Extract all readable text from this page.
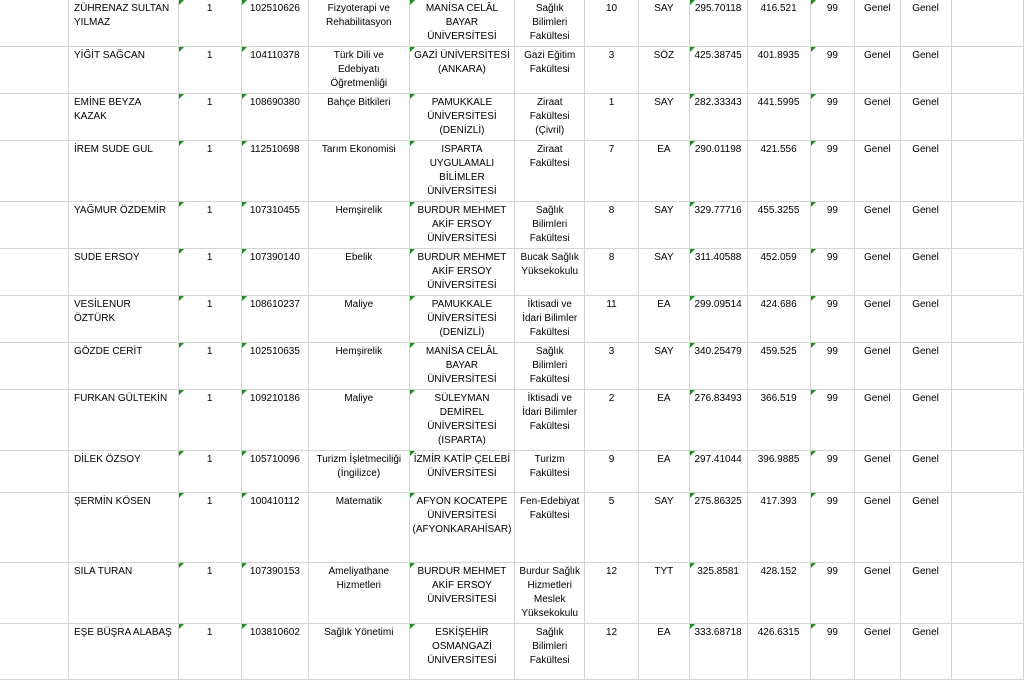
	ZÜHRENAZ SULTAN YILMAZ	1	102510626	Fizyoterapi ve Rehabilitasyon	MANİSA CELÂL BAYAR ÜNİVERSİTESİ	Sağlık Bilimleri Fakültesi	10	SAY	295.70118	416.521	99	Genel	Genel	
	YİĞİT SAĞCAN	1	104110378	Türk Dili ve Edebiyatı Öğretmenliği	GAZİ ÜNİVERSİTESİ (ANKARA)	Gazi Eğitim Fakültesi	3	SÖZ	425.38745	401.8935	99	Genel	Genel	
	EMİNE BEYZA KAZAK	1	108690380	Bahçe Bitkileri	PAMUKKALE ÜNİVERSİTESİ (DENİZLİ)	Ziraat Fakültesi (Çivril)	1	SAY	282.33343	441.5995	99	Genel	Genel	
	İREM SUDE GUL	1	112510698	Tarım Ekonomisi	ISPARTA UYGULAMALI BİLİMLER ÜNİVERSİTESİ	Ziraat Fakültesi	7	EA	290.01198	421.556	99	Genel	Genel	
	YAĞMUR ÖZDEMİR	1	107310455	Hemşirelik	BURDUR MEHMET AKİF ERSOY ÜNİVERSİTESİ	Sağlık Bilimleri Fakültesi	8	SAY	329.77716	455.3255	99	Genel	Genel	
	SUDE ERSOY	1	107390140	Ebelik	BURDUR MEHMET AKİF ERSOY ÜNİVERSİTESİ	Bucak Sağlık Yüksekokulu	8	SAY	311.40588	452.059	99	Genel	Genel	
	VESİLENUR ÖZTÜRK	1	108610237	Maliye	PAMUKKALE ÜNİVERSİTESİ (DENİZLİ)	İktisadi ve İdari Bilimler Fakültesi	11	EA	299.09514	424.686	99	Genel	Genel	
	GÖZDE CERİT	1	102510635	Hemşirelik	MANİSA CELÂL BAYAR ÜNİVERSİTESİ	Sağlık Bilimleri Fakültesi	3	SAY	340.25479	459.525	99	Genel	Genel	
	FURKAN GÜLTEKİN	1	109210186	Maliye	SÜLEYMAN DEMİREL ÜNİVERSİTESİ (ISPARTA)	İktisadi ve İdari Bilimler Fakültesi	2	EA	276.83493	366.519	99	Genel	Genel	
	DİLEK ÖZSOY	1	105710096	Turizm İşletmeciliği (İngilizce)	İZMİR KATİP ÇELEBİ ÜNİVERSİTESİ	Turizm Fakültesi	9	EA	297.41044	396.9885	99	Genel	Genel	
	ŞERMİN KÖSEN	1	100410112	Matematik	AFYON KOCATEPE ÜNİVERSİTESİ (AFYONKARAHİSAR)	Fen-Edebiyat Fakültesi	5	SAY	275.86325	417.393	99	Genel	Genel	
	SILA TURAN	1	107390153	Ameliyathane Hizmetleri	BURDUR MEHMET AKİF ERSOY ÜNİVERSİTESİ	Burdur Sağlık Hizmetleri Meslek Yüksekokulu	12	TYT	325.8581	428.152	99	Genel	Genel	
	EŞE BÜŞRA ALABAŞ	1	103810602	Sağlık Yönetimi	ESKİŞEHİR OSMANGAZİ ÜNİVERSİTESİ	Sağlık Bilimleri Fakültesi	12	EA	333.68718	426.6315	99	Genel	Genel	
